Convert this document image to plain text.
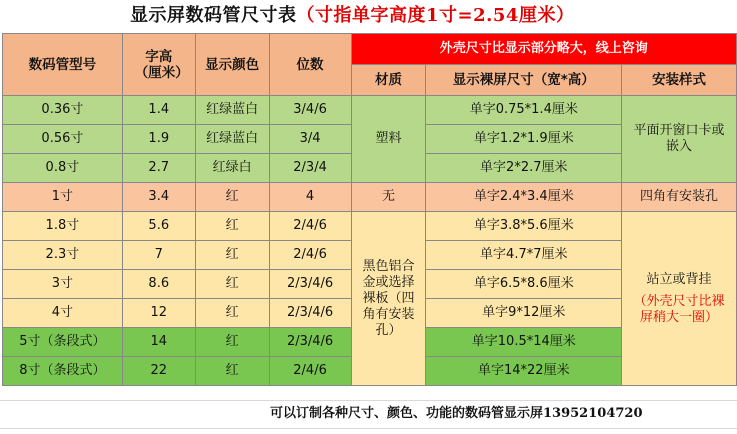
显示屏数码管尺寸表（寸指单字高度1寸=2.54厘米）
数码管型号	字高（厘米）	显示颜色	位数	外壳尺寸比显示部分略大，线上咨询		
				材质	显示裸屏尺寸（宽*高）	安装样式
0.36寸	1.4	红绿蓝白	3/4/6	塑料	单字0.75*1.4厘米	平面开窗口卡或嵌入
0.56寸	1.9	红绿蓝白	3/4		单字1.2*1.9厘米	
0.8寸	2.7	红绿白	2/3/4		单字2*2.7厘米	
1寸	3.4	红	4	无	单字2.4*3.4厘米	四角有安装孔
1.8寸	5.6	红	2/4/6	黑色铝合金或选择裸板（四角有安装孔）	单字3.8*5.6厘米	站立或背挂
（外壳尺寸比裸屏稍大一圈）

2.3寸	7	红	2/4/6		单字4.7*7厘米	
3寸	8.6	红	2/3/4/6		单字6.5*8.6厘米	
4寸	12	红	2/3/4/6		单字9*12厘米	
5寸（条段式）	14	红	2/3/4/6		单字10.5*14厘米	
8寸（条段式）	22	红	2/4/6		单字14*22厘米	
可以订制各种尺寸、颜色、功能的数码管显示屏13952104720
